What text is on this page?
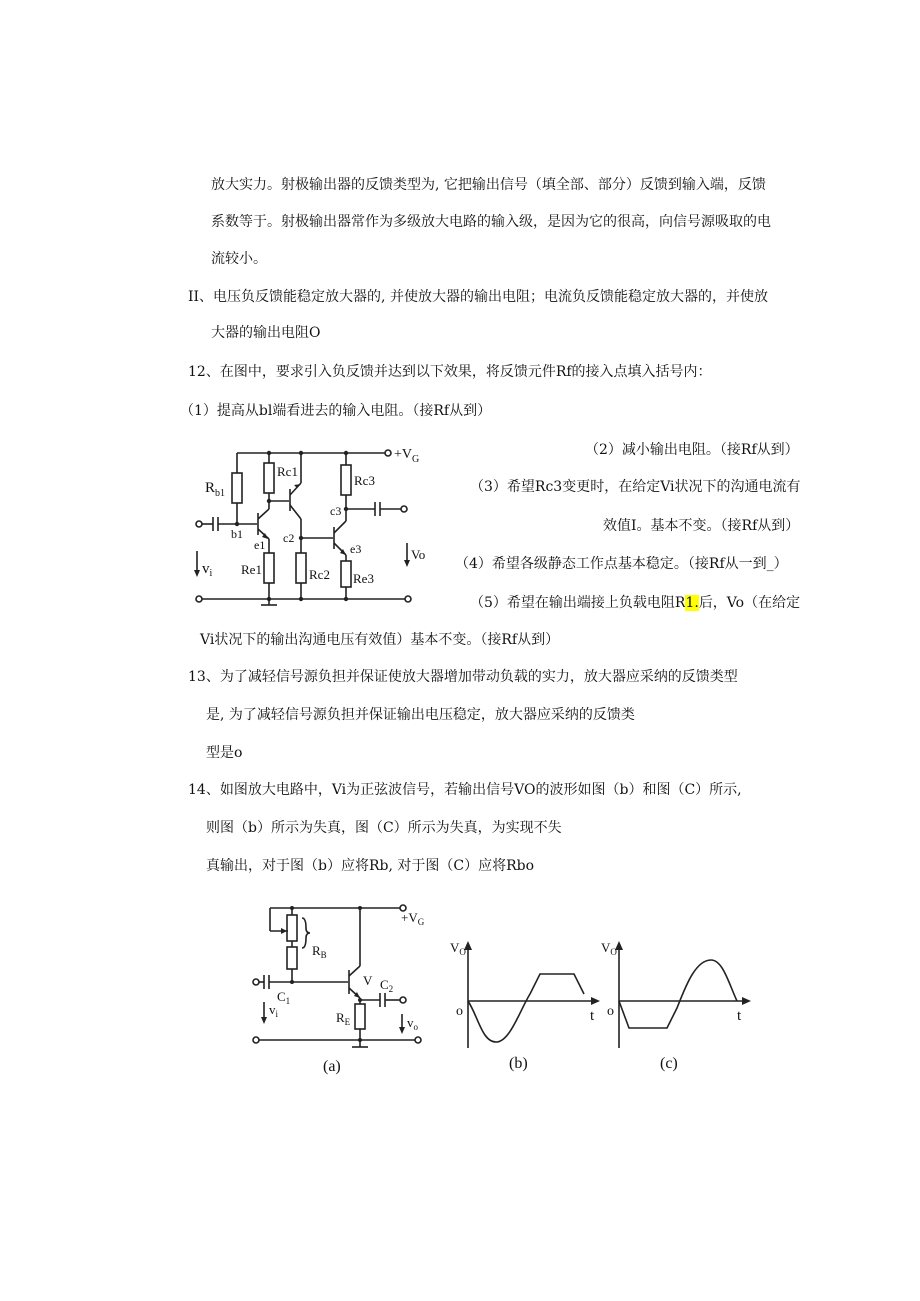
放大实力。射极输出器的反馈类型为, 它把输出信号（填全部、部分）反馈到输入端，反馈
系数等于。射极输出器常作为多级放大电路的输入级，是因为它的很高，向信号源吸取的电
流较小。
II、电压负反馈能稳定放大器的, 并使放大器的输出电阻；电流负反馈能稳定放大器的，并使放
大器的输出电阻O
12、在图中，要求引入负反馈并达到以下效果，将反馈元件Rf的接入点填入括号内：
（1）提高从bl端看进去的输入电阻。（接Rf从到）
$+V_G$
$R_{b1}$
Rc1
Rc3
c3
b1
e1 c2
e3
$v_i$ Re1	Rc2 Re3
Vo
（2）减小输出电阻。（接Rf从到）
（3）希望Rc3变更时，在给定Vi状况下的沟通电流有
效值I。基本不变。（接Rf从到）
（4）希望各级静态工作点基本稳定。（接Rf从一到_）
（5）希望在输出端接上负载电阻R1.后，Vo（在给定
Vi状况下的输出沟通电压有效值）基本不变。（接Rf从到）
13、为了减轻信号源负担并保证使放大器增加带动负载的实力，放大器应采纳的反馈类型
是, 为了减轻信号源负担并保证输出电压稳定，放大器应采纳的反馈类
型是o
14、如图放大电路中，Vi为正弦波信号，若输出信号VO的波形如图（b）和图（C）所示,
则图（b）所示为失真，图（C）所示为失真，为实现不失
真输出，对于图（b）应将Rb, 对于图（C）应将Rbo
$+V_G$
$R_B$
$C_1$
V $C_2$
$v_i$	$R_E$	$v_o$
(a)
$V_O$
o	t
(b)
$V_O$
o	t
(c)
